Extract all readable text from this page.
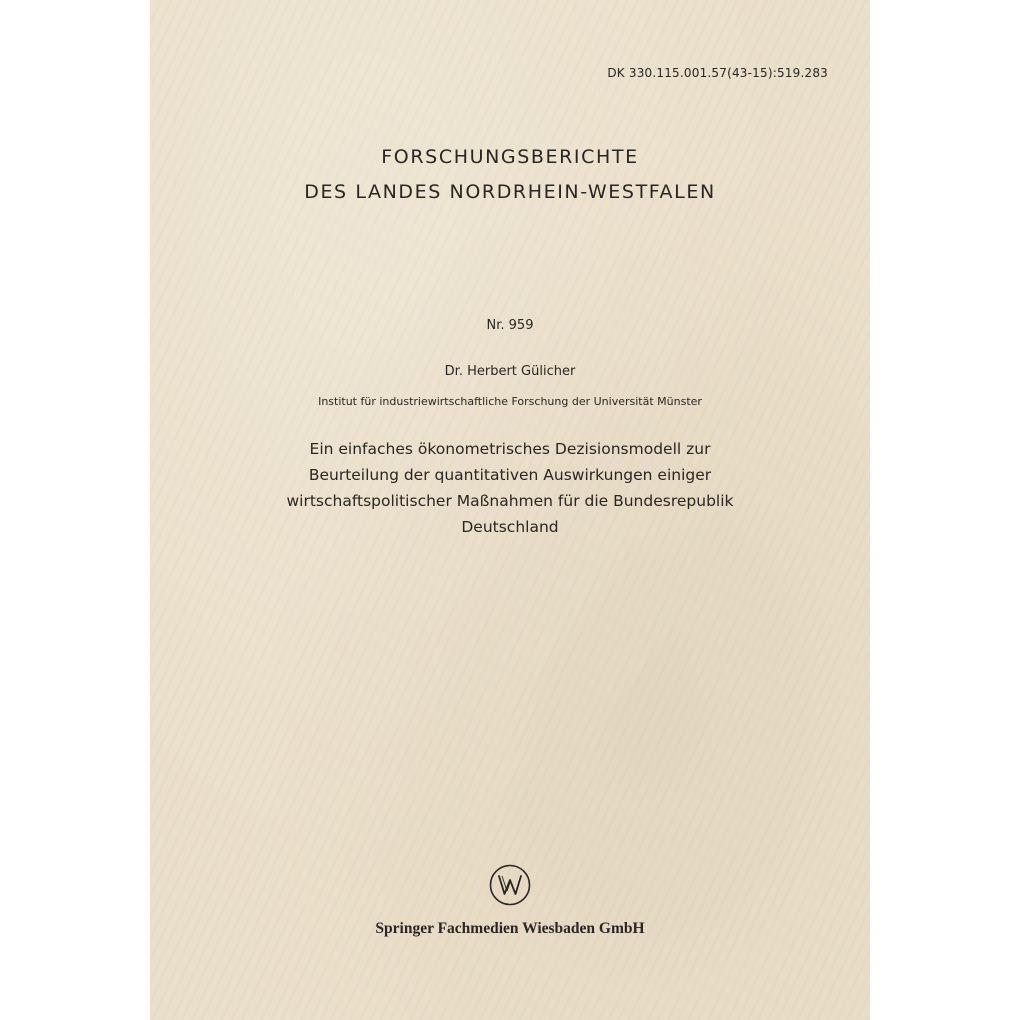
DK 330.115.001.57(43-15):519.283
FORSCHUNGSBERICHTE
DES LANDES NORDRHEIN-WESTFALEN
Nr. 959
Dr. Herbert Gülicher
Institut für industriewirtschaftliche Forschung der Universität Münster
Ein einfaches ökonometrisches Dezisionsmodell zur
Beurteilung der quantitativen Auswirkungen einiger
wirtschaftspolitischer Maßnahmen für die Bundesrepublik
Deutschland
Springer Fachmedien Wiesbaden GmbH
